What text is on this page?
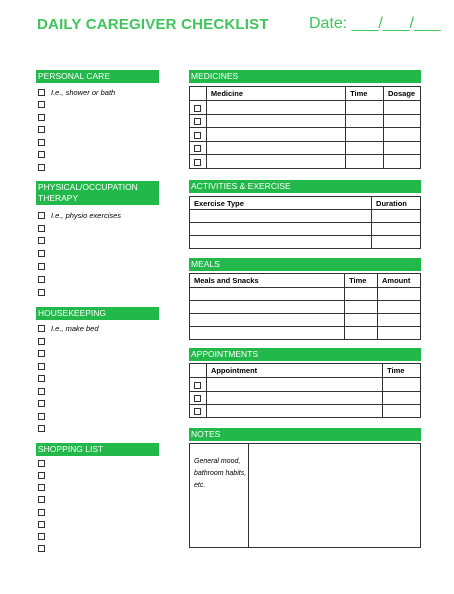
DAILY CAREGIVER CHECKLIST	Date: ___/___/___
PERSONAL CARE
I.e., shower or bath
PHYSICAL/OCCUPATION THERAPY
I.e., physio exercises
HOUSEKEEPING
I.e., make bed
SHOPPING LIST
MEDICINES
	Medicine	Time	Dosage

ACTIVITIES & EXERCISE
Exercise Type	Duration

MEALS
Meals and Snacks	Time	Amount

APPOINTMENTS
	Appointment	Time

NOTES
General mood, bathroom habits, etc.
